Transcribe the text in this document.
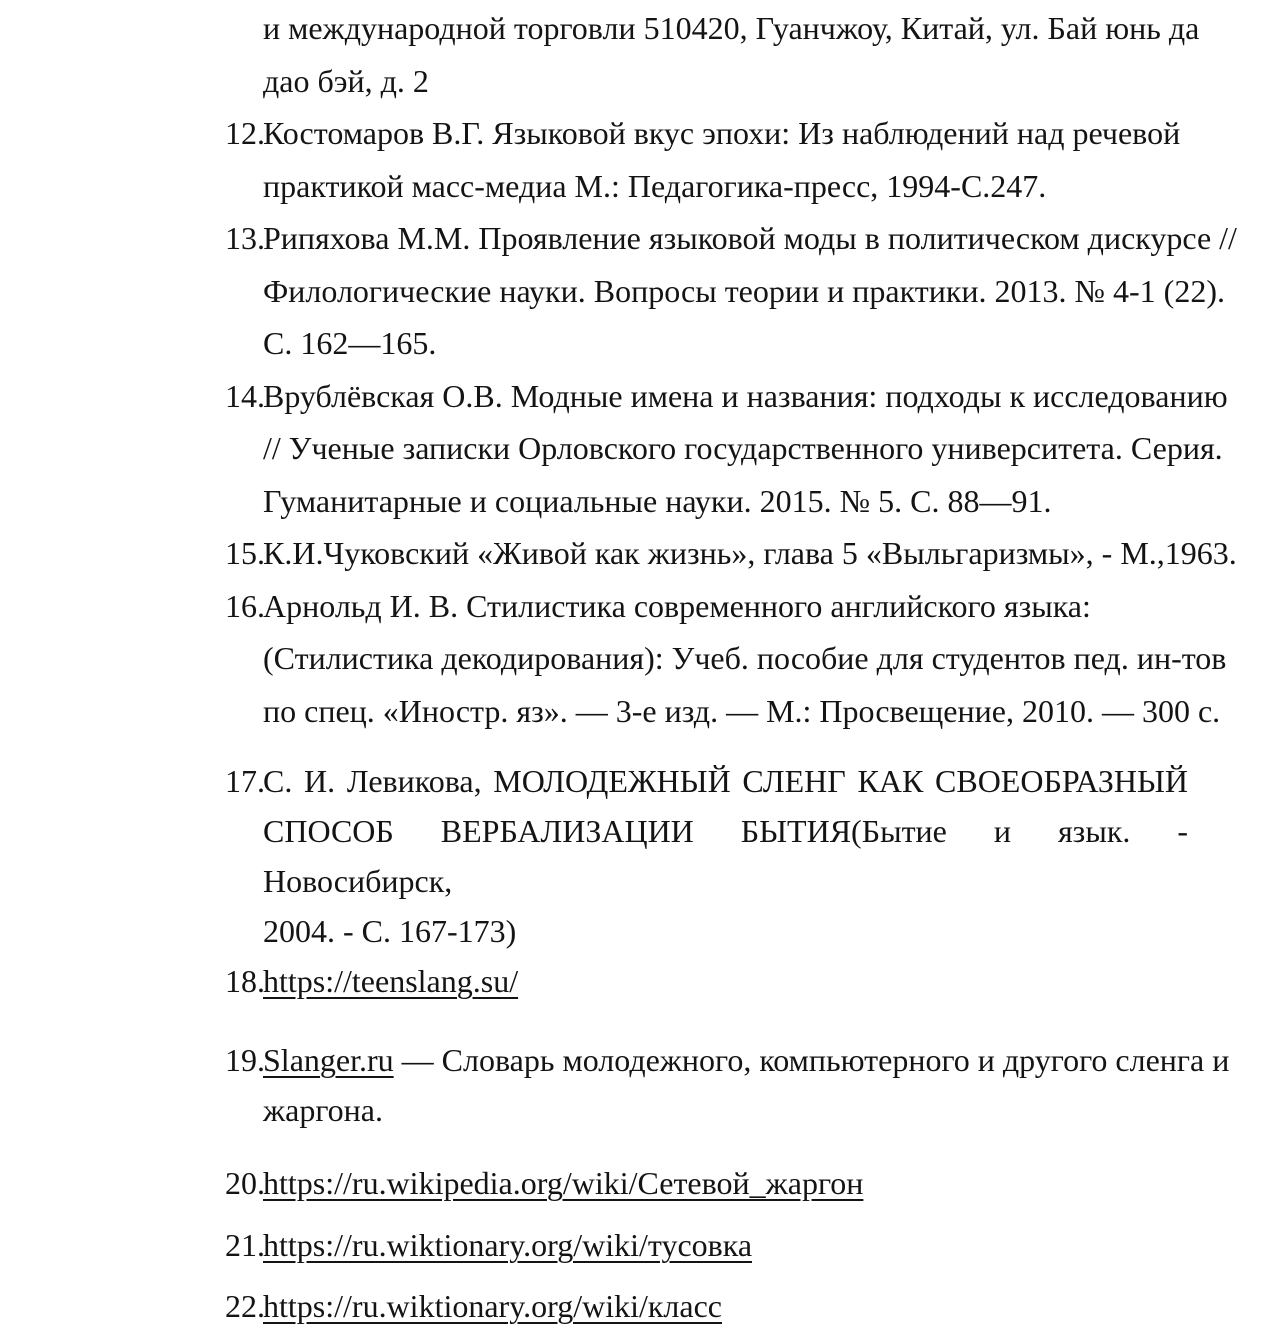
и международной торговли 510420, Гуанчжоу, Китай, ул. Бай юнь да
дао бэй, д. 2
12.
Костомаров В.Г. Языковой вкус эпохи: Из наблюдений над речевой
практикой масс-медиа М.: Педагогика-пресс, 1994-С.247.
13.
Рипяхова М.М. Проявление языковой моды в политическом дискурсе //
Филологические науки. Вопросы теории и практики. 2013. № 4-1 (22).
С. 162—165.
14.
Врублёвская О.В. Модные имена и названия: подходы к исследованию
// Ученые записки Орловского государственного университета. Серия.
Гуманитарные и социальные науки. 2015. № 5. С. 88—91.
15.
К.И.Чуковский «Живой как жизнь», глава 5 «Выльгаризмы», - М.,1963.
16.
Арнольд И. В. Стилистика современного английского языка:
(Стилистика декодирования): Учеб. пособие для студентов пед. ин-тов
по спец. «Иностр. яз». — 3-е изд. — М.: Просвещение, 2010. — 300 с.
17.
С. И. Левикова, МОЛОДЕЖНЫЙ СЛЕНГ КАК СВОЕОБРАЗНЫЙ
СПОСОБ ВЕРБАЛИЗАЦИИ БЫТИЯ(Бытие и язык. - Новосибирск,
2004. - С. 167-173)
18.
https://teenslang.su/
19.
Slanger.ru — Словарь молодежного, компьютерного и другого сленга и
жаргона.
20.
https://ru.wikipedia.org/wiki/Сетевой_жаргон
21.
https://ru.wiktionary.org/wiki/тусовка
22.
https://ru.wiktionary.org/wiki/класс
